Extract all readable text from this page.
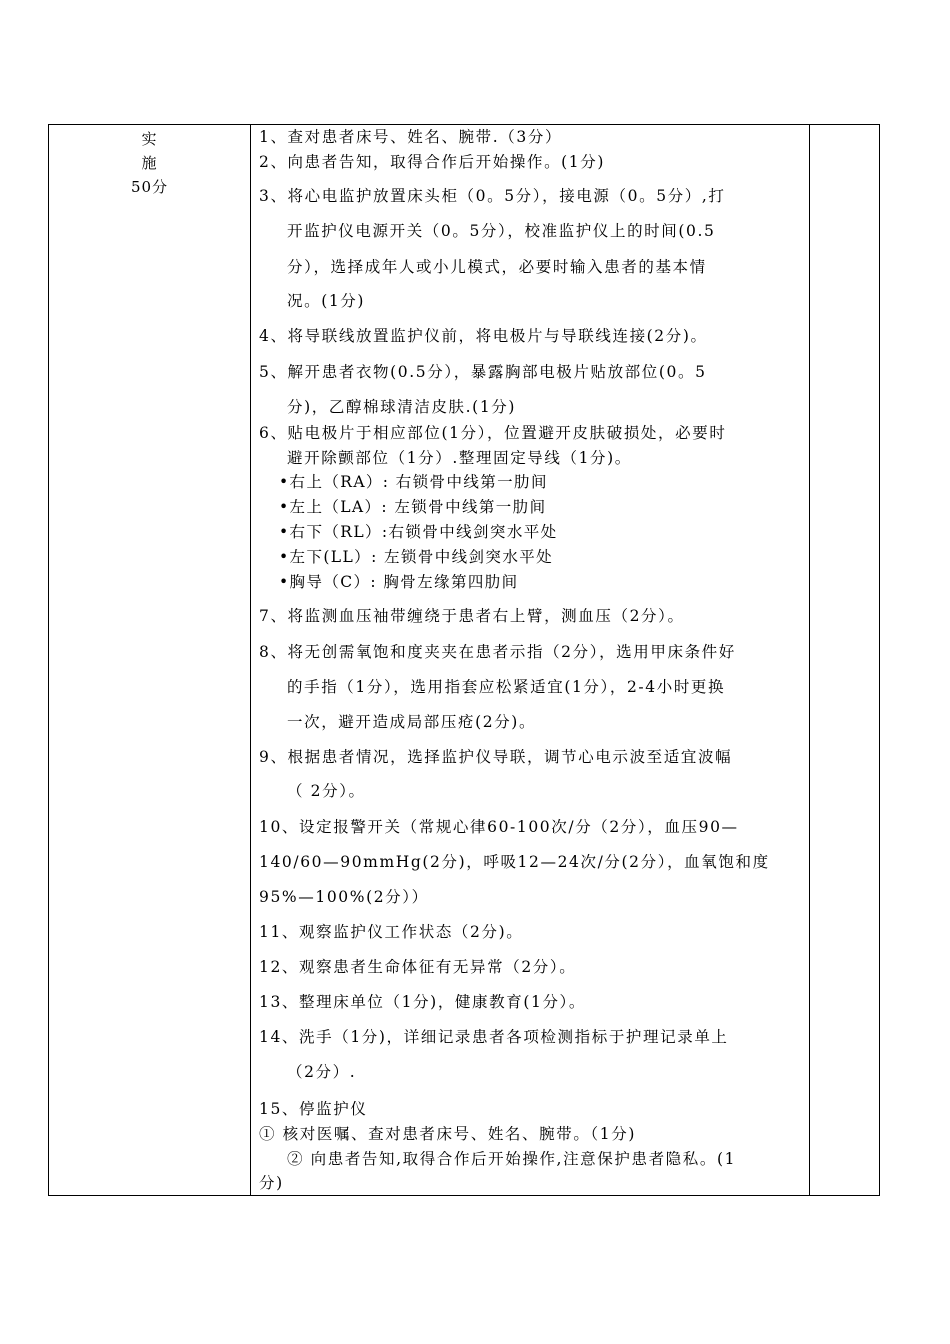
实
施
50分
1、查对患者床号、姓名、腕带.（3分）
2、向患者告知，取得合作后开始操作。(1分)
3、将心电监护放置床头柜（0。5分），接电源（0。5分）,打
开监护仪电源开关（0。5分），校准监护仪上的时间(0.5
分），选择成年人或小儿模式，必要时输入患者的基本情
况。(1分)
4、将导联线放置监护仪前，将电极片与导联线连接(2分)。
5、解开患者衣物(0.5分），暴露胸部电极片贴放部位(0。5
分)，乙醇棉球清洁皮肤.(1分)
6、贴电极片于相应部位(1分），位置避开皮肤破损处，必要时
避开除颤部位（1分）.整理固定导线（1分)。
•右上（RA）: 右锁骨中线第一肋间
•左上（LA）: 左锁骨中线第一肋间
•右下（RL）:右锁骨中线剑突水平处
•左下(LL）: 左锁骨中线剑突水平处
•胸导（C）: 胸骨左缘第四肋间
7、将监测血压袖带缠绕于患者右上臂，测血压（2分）。
8、将无创需氧饱和度夹夹在患者示指（2分），选用甲床条件好
的手指（1分），选用指套应松紧适宜(1分），2-4小时更换
一次，避开造成局部压疮(2分)。
9、根据患者情况，选择监护仪导联，调节心电示波至适宜波幅
（ 2分）。
10、设定报警开关（常规心律60-100次/分（2分），血压90—
140/60—90mmHg(2分)，呼吸12—24次/分(2分），血氧饱和度
95%—100%(2分））
11、观察监护仪工作状态（2分)。
12、观察患者生命体征有无异常（2分）。
13、整理床单位（1分)，健康教育(1分）。
14、洗手（1分)，详细记录患者各项检测指标于护理记录单上
（2分）.
15、停监护仪
① 核对医嘱、查对患者床号、姓名、腕带。（1分)
② 向患者告知,取得合作后开始操作,注意保护患者隐私。(1
分)
